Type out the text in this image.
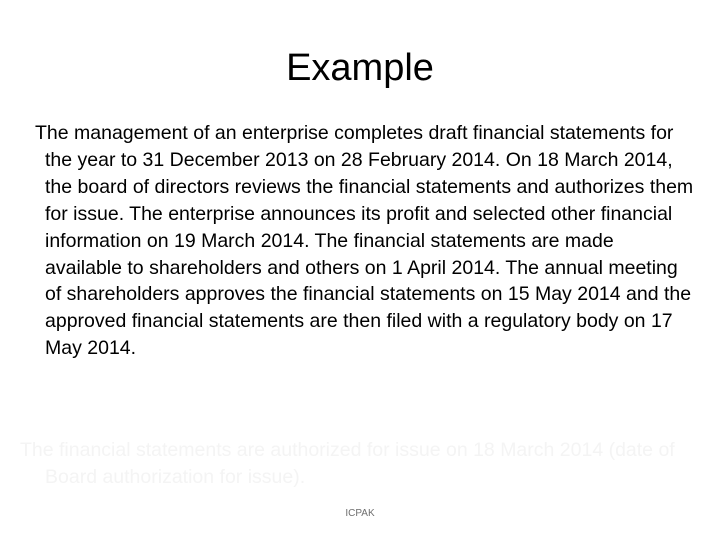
Example
The management of an enterprise completes draft financial statements for the year to 31 December 2013 on 28 February 2014. On 18 March 2014, the board of directors reviews the financial statements and authorizes them for issue. The enterprise announces its profit and selected other financial information on 19 March 2014. The financial statements are made available to shareholders and others on 1 April 2014. The annual meeting of shareholders approves the financial statements on 15 May 2014 and the approved financial statements are then filed with a regulatory body on 17 May 2014.
The financial statements are authorized for issue on 18 March 2014 (date of Board authorization for issue).
ICPAK
